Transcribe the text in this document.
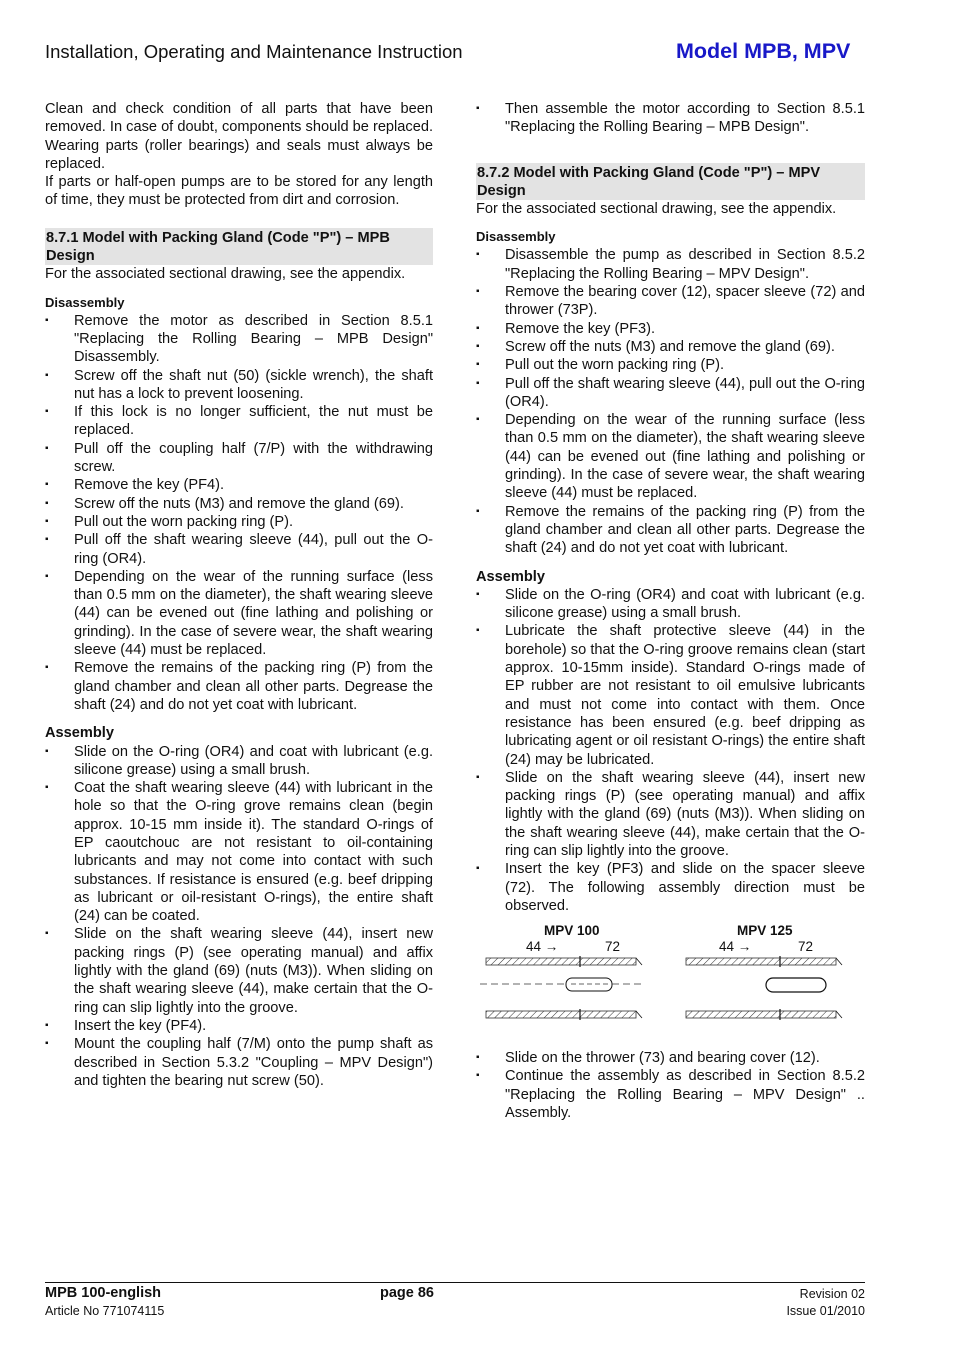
Installation, Operating and Maintenance Instruction	Model MPB, MPV

Clean and check condition of all parts that have been removed. In case of doubt, components should be replaced. Wearing parts (roller bearings) and seals must always be replaced.

If parts or half-open pumps are to be stored for any length of time, they must be protected from dirt and corrosion.

8.7.1 Model with Packing Gland (Code "P") – MPB Design

For the associated sectional drawing, see the appendix.

Disassembly
▪ Remove the motor as described in Section 8.5.1 "Replacing the Rolling Bearing – MPB Design" Disassembly.
▪ Screw off the shaft nut (50) (sickle wrench), the shaft nut has a lock to prevent loosening.
▪ If this lock is no longer sufficient, the nut must be replaced.
▪ Pull off the coupling half (7/P) with the withdrawing screw.
▪ Remove the key (PF4).
▪ Screw off the nuts (M3) and remove the gland (69).
▪ Pull out the worn packing ring (P).
▪ Pull off the shaft wearing sleeve (44), pull out the O-ring (OR4).
▪ Depending on the wear of the running surface (less than 0.5 mm on the diameter), the shaft wearing sleeve (44) can be evened out (fine lathing and polishing or grinding). In the case of severe wear, the shaft wearing sleeve (44) must be replaced.
▪ Remove the remains of the packing ring (P) from the gland chamber and clean all other parts. Degrease the shaft (24) and do not yet coat with lubricant.
Assembly
▪ Slide on the O-ring (OR4) and coat with lubricant (e.g. silicone grease) using a small brush.
▪ Coat the shaft wearing sleeve (44) with lubricant in the hole so that the O-ring grove remains clean (begin approx. 10-15 mm inside it). The standard O-rings of EP caoutchouc are not resistant to oil-containing lubricants and may not come into contact with such substances. If resistance is ensured (e.g. beef dripping as lubricant or oil-resistant O-rings), the entire shaft (24) can be coated.
▪ Slide on the shaft wearing sleeve (44), insert new packing rings (P) (see operating manual) and affix lightly with the gland (69) (nuts (M3)). When sliding on the shaft wearing sleeve (44), make certain that the O-ring can slip lightly into the groove.
▪ Insert the key (PF4).
▪ Mount the coupling half (7/M) onto the pump shaft as described in Section 5.3.2 "Coupling – MPV Design") and tighten the bearing nut screw (50).
▪ Then assemble the motor according to Section 8.5.1 "Replacing the Rolling Bearing – MPB Design".
8.7.2 Model with Packing Gland (Code "P") – MPV Design

For the associated sectional drawing, see the appendix.

Disassembly
▪ Disassemble the pump as described in Section 8.5.2 "Replacing the Rolling Bearing – MPV Design".
▪ Remove the bearing cover (12), spacer sleeve (72) and thrower (73P).
▪ Remove the key (PF3).
▪ Screw off the nuts (M3) and remove the gland (69).
▪ Pull out the worn packing ring (P).
▪ Pull off the shaft wearing sleeve (44), pull out the O-ring (OR4).
▪ Depending on the wear of the running surface (less than 0.5 mm on the diameter), the shaft wearing sleeve (44) can be evened out (fine lathing and polishing or grinding). In the case of severe wear, the shaft wearing sleeve (44) must be replaced.
▪ Remove the remains of the packing ring (P) from the gland chamber and clean all other parts. Degrease the shaft (24) and do not yet coat with lubricant.
Assembly
▪ Slide on the O-ring (OR4) and coat with lubricant (e.g. silicone grease) using a small brush.
▪ Lubricate the shaft protective sleeve (44) in the borehole) so that the O-ring groove remains clean (start approx. 10-15mm inside). Standard O-rings made of EP rubber are not resistant to oil emulsive lubricants and must not come into contact with them. Once resistance has been ensured (e.g. beef dripping as lubricating agent or oil resistant O-rings) the entire shaft (24) may be lubricated.
▪ Slide on the shaft wearing sleeve (44), insert new packing rings (P) (see operating manual) and affix lightly with the gland (69) (nuts (M3)). When sliding on the shaft wearing sleeve (44), make certain that the O-ring can slip lightly into the groove.
▪ Insert the key (PF3) and slide on the spacer sleeve (72). The following assembly direction must be observed.
MPV 100
44 →	72
MPV 125
44 →	72
▪ Slide on the thrower (73) and bearing cover (12).
▪ Continue the assembly as described in Section 8.5.2 "Replacing the Rolling Bearing – MPV Design" .. Assembly.
MPB 100-english	page 86	Revision 02
Article No 771074115	Issue 01/2010
